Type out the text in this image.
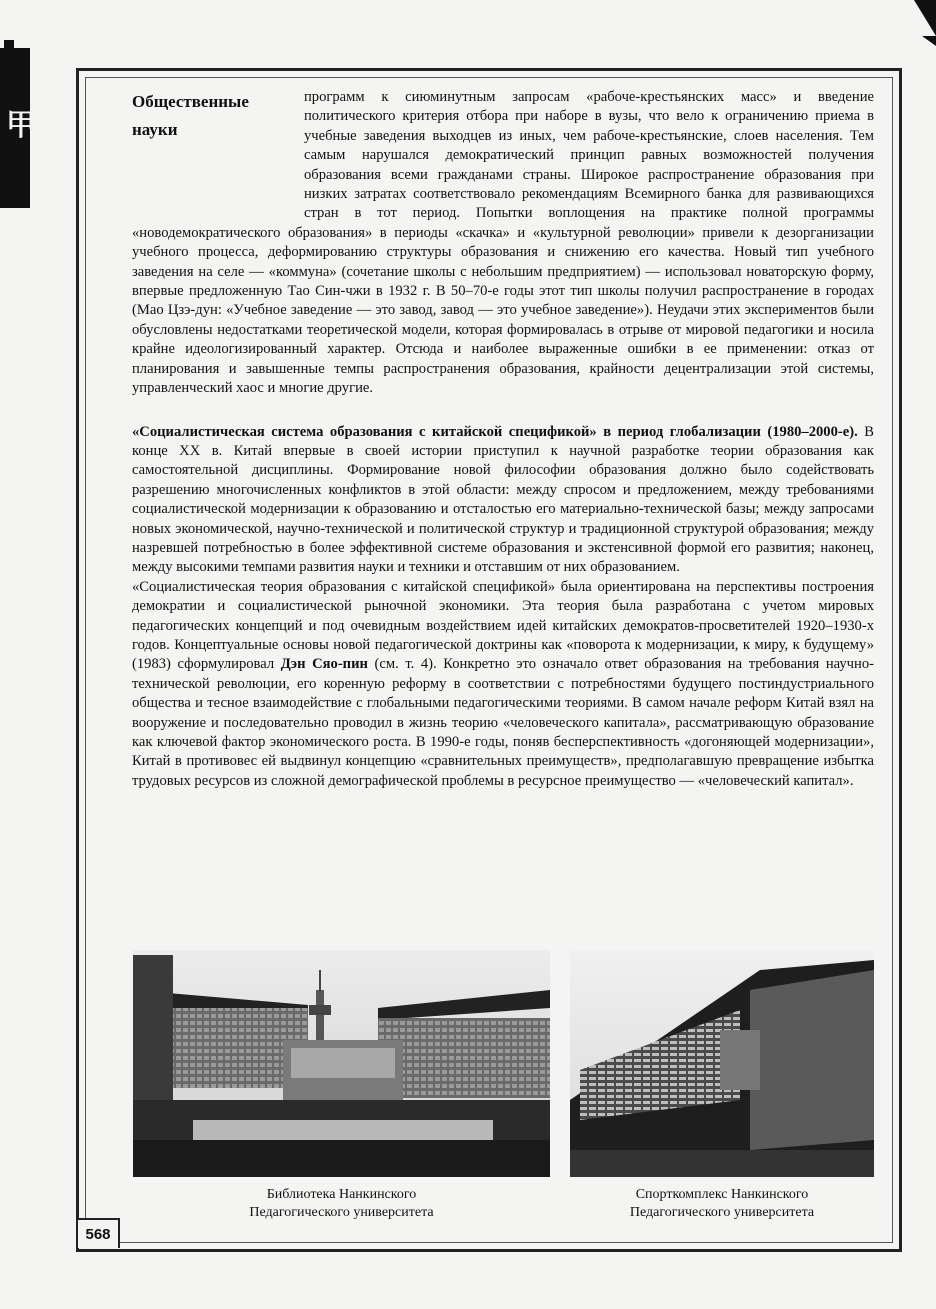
甲
568
Общественные
науки

программ к сиюминутным запросам «рабоче-крестьянских масс» и введение политического критерия отбора при наборе в вузы, что вело к ограничению приема в учебные заведения выходцев из иных, чем рабоче-крестьянские, слоев населения. Тем самым нарушался демократический принцип равных возможностей получения образования всеми гражданами страны. Широкое распространение образования при низких затратах соответствовало рекомендациям Всемирного банка для развивающихся стран в тот период. Попытки воплощения на практике полной программы «новодемократического образования» в периоды «скачка» и «культурной революции» привели к дезорганизации учебного процесса, деформированию структуры образования и снижению его качества. Новый тип учебного заведения на селе — «коммуна» (сочетание школы с небольшим предприятием) — использовал новаторскую форму, впервые предложенную Тао Син-чжи в 1932 г. В 50–70-е годы этот тип школы получил распространение в городах (Мао Цзэ-дун: «Учебное заведение — это завод, завод — это учебное заведение»). Неудачи этих экспериментов были обусловлены недостатками теоретической модели, которая формировалась в отрыве от мировой педагогики и носила крайне идеологизированный характер. Отсюда и наиболее выраженные ошибки в ее применении: отказ от планирования и завышенные темпы распространения образования, крайности децентрализации этой системы, управленческий хаос и многие другие.

«Социалистическая система образования с китайской спецификой» в период глобализации (1980–2000-е). В конце XX в. Китай впервые в своей истории приступил к научной разработке теории образования как самостоятельной дисциплины. Формирование новой философии образования должно было содействовать разрешению многочисленных конфликтов в этой области: между спросом и предложением, между требованиями социалистической модернизации к образованию и отсталостью его материально-технической базы; между запросами новых экономической, научно-технической и политической структур и традиционной структурой образования; между назревшей потребностью в более эффективной системе образования и экстенсивной формой его развития; наконец, между высокими темпами развития науки и техники и отставшим от них образованием.

«Социалистическая теория образования с китайской спецификой» была ориентирована на перспективы построения демократии и социалистической рыночной экономики. Эта теория была разработана с учетом мировых педагогических концепций и под очевидным воздействием идей китайских демократов-просветителей 1920–1930-х годов. Концептуальные основы новой педагогической доктрины как «поворота к модернизации, к миру, к будущему» (1983) сформулировал Дэн Сяо-пин (см. т. 4). Конкретно это означало ответ образования на требования научно-технической революции, его коренную реформу в соответствии с потребностями будущего постиндустриального общества и тесное взаимодействие с глобальными педагогическими теориями. В самом начале реформ Китай взял на вооружение и последовательно проводил в жизнь теорию «человеческого капитала», рассматривающую образование как ключевой фактор экономического роста. В 1990-е годы, поняв бесперспективность «догоняющей модернизации», Китай в противовес ей выдвинул концепцию «сравнительных преимуществ», предполагавшую превращение избытка трудовых ресурсов из сложной демографической проблемы в ресурсное преимущество — «человеческий капитал».

Библиотека Нанкинского
Педагогического университета
Спорткомплекс Нанкинского
Педагогического университета
